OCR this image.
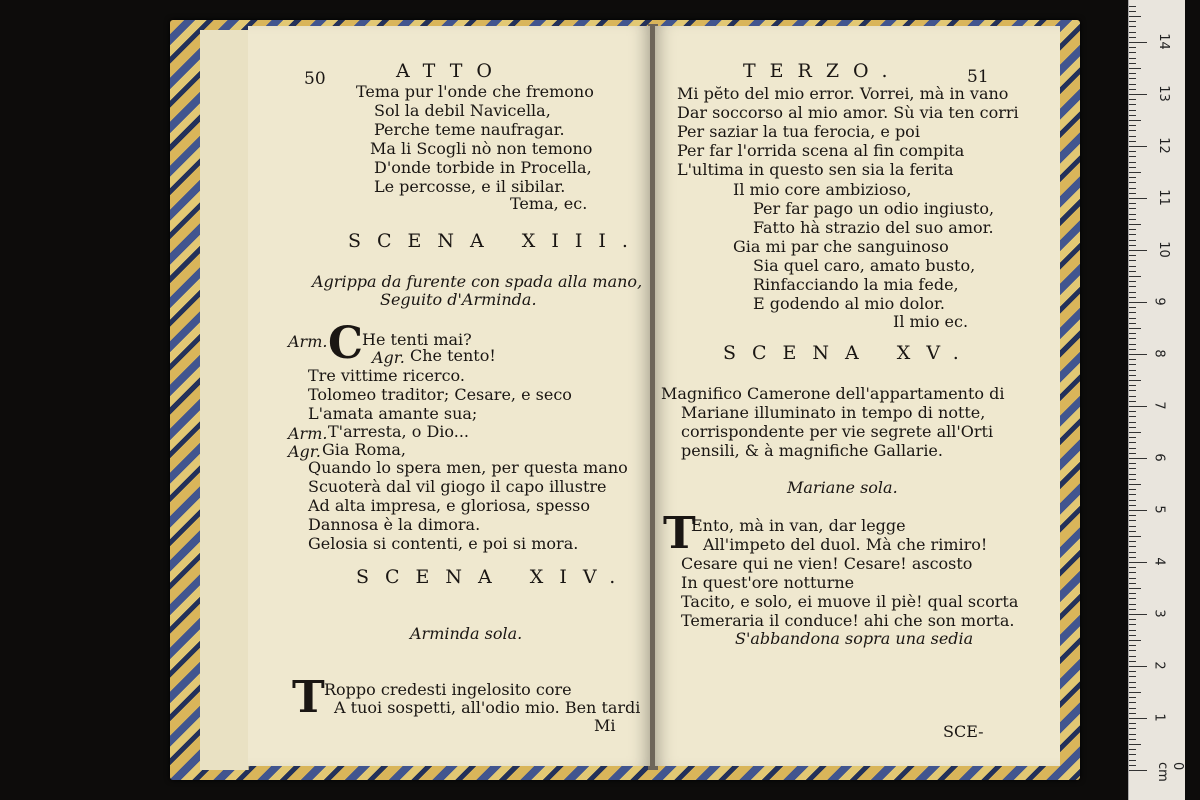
50	ATTO
Tema pur l'onde che fremono
Sol la debil Navicella,
Perche teme naufragar.
Ma li Scogli nò non temono
D'onde torbide in Procella,
Le percosse, e il sibilar.
Tema, ec.
SCENA XIII.
Agrippa da furente con spada alla mano,
Seguito d'Arminda.
Arm. C
He tenti mai?
Agr. Che tento!
Tre vittime ricerco.
Tolomeo traditor; Cesare, e seco
L'amata amante sua;
Arm. T'arresta, o Dio...
Agr. Gia Roma,
Quando lo spera men, per questa mano
Scuoterà dal vil giogo il capo illustre
Ad alta impresa, e gloriosa, spesso
Dannosa è la dimora.
Gelosia si contenti, e poi si mora.
SCENA XIV.
Arminda sola.
T Roppo credesti ingelosito core
A tuoi sospetti, all'odio mio. Ben tardi
Mi
TERZO.	51
Mi pĕto del mio error. Vorrei, mà in vano
Dar soccorso al mio amor. Sù via ten corri
Per saziar la tua ferocia, e poi
Per far l'orrida scena al fin compita
L'ultima in questo sen sia la ferita
Il mio core ambizioso,
Per far pago un odio ingiusto,
Fatto hà strazio del suo amor.
Gia mi par che sanguinoso
Sia quel caro, amato busto,
Rinfacciando la mia fede,
E godendo al mio dolor.
Il mio ec.
SCENA XV.
Magnifico Camerone dell'appartamento di
Mariane illuminato in tempo di notte,
corrispondente per vie segrete all'Orti
pensili, & à magnifiche Gallarie.
Mariane sola.
T
Ento, mà in van, dar legge
All'impeto del duol. Mà che rimiro!
Cesare qui ne vien! Cesare! ascosto
In quest'ore notturne
Tacito, e solo, ei muove il piè! qual scorta
Temeraria il conduce! ahi che son morta.
S'abbandona sopra una sedia
SCE-
0 cm
1
2
3
4
5
6
7
8
9
10
11
12
13
14
